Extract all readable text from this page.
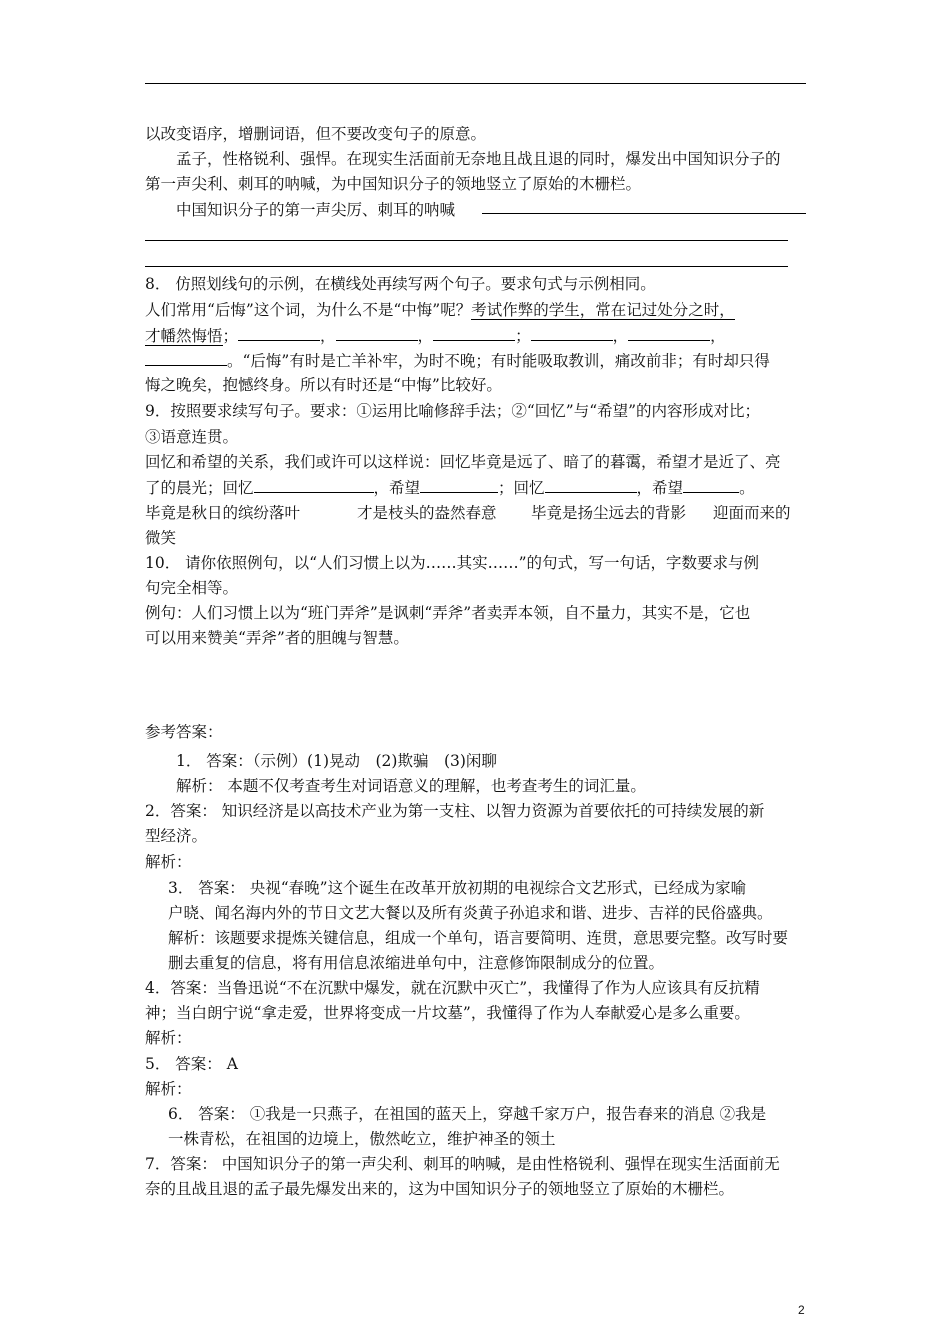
以改变语序，增删词语，但不要改变句子的原意。
孟子，性格锐利、强悍。在现实生活面前无奈地且战且退的同时，爆发出中国知识分子的
第一声尖利、刺耳的呐喊，为中国知识分子的领地竖立了原始的木栅栏。
中国知识分子的第一声尖厉、刺耳的呐喊
8． 仿照划线句的示例，在横线处再续写两个句子。要求句式与示例相同。
人们常用“后悔”这个词，为什么不是“中悔”呢？考试作弊的学生，常在记过处分之时，
才幡然悔悟；	，	，	；	，	，
。“后悔”有时是亡羊补牢，为时不晚；有时能吸取教训，痛改前非；有时却只得
悔之晚矣，抱憾终身。所以有时还是“中悔”比较好。
9．按照要求续写句子。要求：①运用比喻修辞手法；②“回忆”与“希望”的内容形成对比；
③语意连贯。
回忆和希望的关系，我们或许可以这样说：回忆毕竟是远了、暗了的暮霭，希望才是近了、亮
了的晨光；回忆	，希望	；回忆	，希望	。
毕竟是秋日的缤纷落叶	才是枝头的盎然春意 毕竟是扬尘远去的背影 迎面而来的
微笑
10． 请你依照例句，以“人们习惯上以为……其实……”的句式，写一句话，字数要求与例
句完全相等。
例句：人们习惯上以为“班门弄斧”是讽刺“弄斧”者卖弄本领，自不量力，其实不是，它也
可以用来赞美“弄斧”者的胆魄与智慧。
参考答案：
1． 答案：（示例）(1)晃动　(2)欺骗　(3)闲聊
解析： 本题不仅考查考生对词语意义的理解，也考查考生的词汇量。
2．答案： 知识经济是以高技术产业为第一支柱、以智力资源为首要依托的可持续发展的新
型经济。
解析：
3． 答案： 央视“春晚”这个诞生在改革开放初期的电视综合文艺形式，已经成为家喻
户晓、闻名海内外的节日文艺大餐以及所有炎黄子孙追求和谐、进步、吉祥的民俗盛典。
解析：该题要求提炼关键信息，组成一个单句，语言要简明、连贯，意思要完整。改写时要
删去重复的信息，将有用信息浓缩进单句中，注意修饰限制成分的位置。
4．答案：当鲁迅说“不在沉默中爆发，就在沉默中灭亡”，我懂得了作为人应该具有反抗精
神；当白朗宁说“拿走爱，世界将变成一片坟墓”，我懂得了作为人奉献爱心是多么重要。
解析：
5． 答案： A
解析：
6． 答案： ①我是一只燕子，在祖国的蓝天上，穿越千家万户，报告春来的消息 ②我是
一株青松，在祖国的边境上，傲然屹立，维护神圣的领土
7．答案： 中国知识分子的第一声尖利、刺耳的呐喊，是由性格锐利、强悍在现实生活面前无
奈的且战且退的孟子最先爆发出来的，这为中国知识分子的领地竖立了原始的木栅栏。
2
